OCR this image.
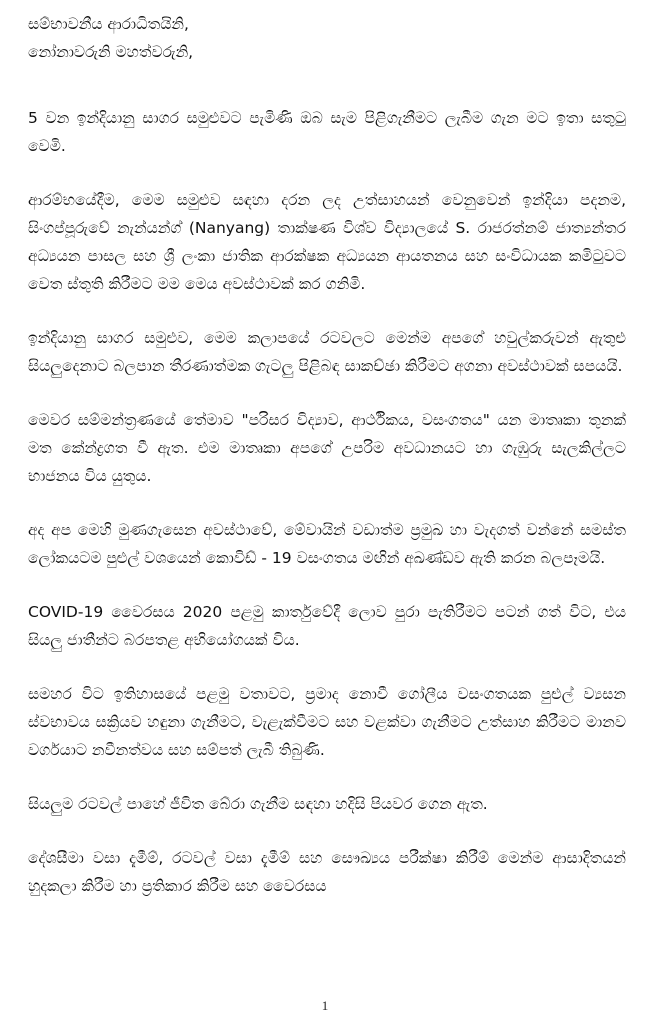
සම්භාවනීය ආරාධිතයිනි,

නෝනාවරුනි මහත්වරුනි,

5 වන ඉන්දියානු සාගර සමුළුවට පැමිණි ඔබ සැම පිළිගැනීමට ලැබීම ගැන මට ඉතා සතුටු වෙමි.

ආරම්භයේදීම, මෙම සමුළුව සඳහා දරන ලද උත්සාහයන් වෙනුවෙන් ඉන්දියා පදනම, සිංගප්පූරුවේ නැන්යන්ග් (Nanyang) තාක්ෂණ විශ්ව විද්‍යාලයේ S. රාජරත්නම් ජාත්‍යන්තර අධ්‍යයන පාසල සහ ශ්‍රී ලංකා ජාතික ආරක්ෂක අධ්‍යයන ආයතනය සහ සංවිධායක කමිටුවට වෙත ස්තුති කිරීමට මම මෙය අවස්ථාවක් කර ගනිමි.

ඉන්දියානු සාගර සමුළුව, මෙම කලාපයේ රටවලට මෙන්ම අපගේ හවුල්කරුවන් ඇතුළු සියලුදෙනාට බලපාන තීරණාත්මක ගැටලු පිළිබඳ සාකච්ඡා කිරීමට අගනා අවස්ථාවක් සපයයි.

මෙවර සම්මන්ත්‍රණයේ තේමාව "පරිසර විද්‍යාව, ආර්ථිකය, වසංගතය" යන මාතෘකා තුනක් මත කේන්ද්‍රගත වී ඇත. එම මාතෘකා අපගේ උපරිම අවධානයට හා ගැඹුරු සැලකිල්ලට භාජනය විය යුතුය.

අද අප මෙහි මුණගැසෙන අවස්ථාවේ, මේවායින් වඩාත්ම ප්‍රමුඛ හා වැදගත් වන්නේ සමස්ත ලෝකයටම පුළුල් වශයෙන් කොවිඩ් - 19 වසංගතය මඟින් අඛණ්ඩව ඇති කරන බලපෑමයි.

COVID-19 වෛරසය 2020 පළමු කාර්තුවේදී ලොව පුරා පැතිරීමට පටන් ගත් විට, එය සියලු ජාතීන්ට බරපතළ අභියෝගයක් විය.

සමහර විට ඉතිහාසයේ පළමු වතාවට, ප්‍රමාද නොවී ගෝලීය වසංගතයක පුළුල් ව්‍යසන ස්වභාවය සක්‍රියව හඳුනා ගැනීමට, වැළැක්වීමට සහ වළක්වා ගැනීමට උත්සාහ කිරීමට මානව වර්ගයාට නවීනත්වය සහ සම්පත් ලැබී තිබුණි.

සියලුම රටවල් පාහේ ජීවිත බේරා ගැනීම සඳහා හදිසි පියවර ගෙන ඇත.

දේශසීමා වසා දැමීම්, රටවල් වසා දැමීම් සහ සෞඛ්‍යය පරීක්ෂා කිරීම් මෙන්ම ආසාදිතයන් හුදකලා කිරීම හා ප්‍රතිකාර කිරීම සහ වෛරසය

1
